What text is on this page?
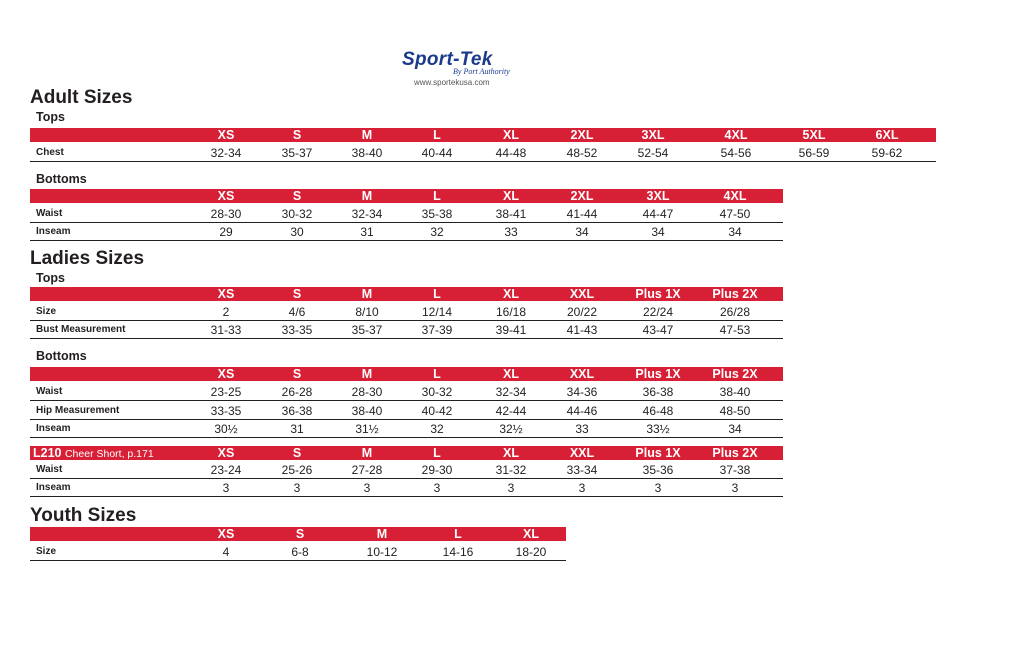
Sport-Tek
By Port Authority
www.sportekusa.com
Adult Sizes
Tops
XS	S	M	L	XL	2XL	3XL	4XL	5XL	6XL
Chest	32-34	35-37	38-40	40-44	44-48	48-52	52-54	54-56	56-59	59-62
Bottoms
XS	S	M	L	XL	2XL	3XL	4XL
Waist	28-30	30-32	32-34	35-38	38-41	41-44	44-47	47-50
Inseam	29	30	31	32	33	34	34	34
Ladies Sizes
Tops
XS	S	M	L	XL	XXL	Plus 1X	Plus 2X
Size	2	4/6	8/10	12/14	16/18	20/22	22/24	26/28
Bust Measurement	31-33	33-35	35-37	37-39	39-41	41-43	43-47	47-53
Bottoms
XS	S	M	L	XL	XXL	Plus 1X	Plus 2X
Waist	23-25	26-28	28-30	30-32	32-34	34-36	36-38	38-40
Hip Measurement	33-35	36-38	38-40	40-42	42-44	44-46	46-48	48-50
Inseam	30½	31	31½	32	32½	33	33½	34
L210 Cheer Short, p.171	XS	S	M	L	XL	XXL	Plus 1X	Plus 2X
Waist	23-24	25-26	27-28	29-30	31-32	33-34	35-36	37-38
Inseam	3	3	3	3	3	3	3	3
Youth Sizes
XS	S	M	L	XL
Size	4	6-8	10-12	14-16	18-20
